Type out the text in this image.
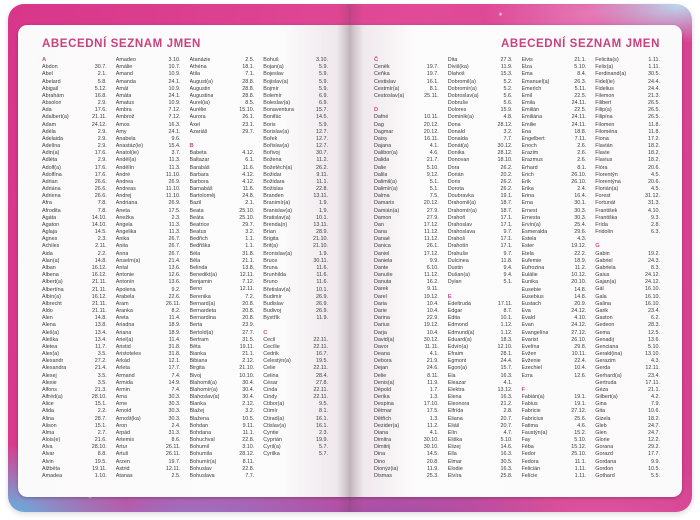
ABECEDNÍ SEZNAM JMEN
A
Abdon	30.7.
Ábel	2.1.
Abelard	5.8.
Abigail	5.12.
Abrahám	16.8.
Absolon	2.9.
Ada	17.6.
Adalbert(a)	21.11.
Adam	24.12.
Adéla	2.9.
Adelaida	2.9.
Adelína	2.9.
Adin(a)	17.6.
Adléta	2.9.
Adolf(a)	17.6.
Adolfína	17.6.
Adrian	26.6.
Adriána	26.6.
Adriena	26.6.
Afra	7.8.
Afrodita	7.8.
Agáta	14.10.
Agaton	14.10.
Aglaja	14.5.
Agnes	2.3.
Achiles	2.11.
Aida	2.2.
Alan(a)	14.8.
Alban	16.12.
Albena	16.12.
Albert(a)	21.11.
Albertína	21.11.
Albín(a)	16.12.
Albrecht	21.11.
Aldo	21.11.
Alen	14.8.
Alena	13.8.
Aleš(a)	13.4.
Aleška	13.4.
Aletea	11.7.
Alex(a)	3.5.
Alexandr	27.2.
Alexandra	21.4.
Alexej	3.5.
Alexie	3.5.
Alfons	21.3.
Alfréd(a)	28.10.
Alice	15.1.
Alida	2.2.
Alina	28.7.
Alison	15.1.
Alma	2.7.
Alois(e)	21.6.
Alva	28.10.
Alvar	8.8.
Alvin	19.5.
Alžběta	19.11.
Amadea	1.10.
Amadeo	3.10.
Amálie	10.7.
Amand	10.9.
Amanda	24.1.
Amát	10.9.
Amáta	24.1.
Amatus	10.9.
Ambra	7.12.
Ambrož	7.12.
Ámos	16.3.
Amy	24.1.
Anabela	9.6.
Anastáz(ie)	15.4.
Anatol(ie)	3.7.
Anděl(a)	11.3.
Andělín	11.3.
André	11.10.
Andrea	26.9.
Andreas	11.10.
Andrej	11.10.
Andriana	26.9.
Aneta	17.5.
Anežka	2.3.
Angela	11.3.
Angelika	11.3.
Anika	26.7.
Anita	26.7.
Anna	26.7.
Anselm(a)	21.4.
Antal	13.6.
Antonie	12.6.
Antonín	13.6.
Apolena	9.2.
Arabela	22.6.
Aram	26.11.
Aranka	8.2.
Areta	11.4.
Ariadna	18.9.
Ariana	18.9.
Ariel(a)	11.4.
Aristid	31.8.
Aristoteles	31.8.
Arkád	12.1.
Arleta	17.7.
Armand	7.4.
Armida	14.9.
Armin	7.4.
Arna	30.3.
Arne	30.3.
Arnold	30.3.
Arnošt(ka)	30.3.
Áron	2.4.
Árpád	31.3.
Artemis	8.6.
Artur	26.11.
Artuš	26.11.
Arzen	19.7.
Astrid	12.11.
Atanas	2.5.
Atanázie	2.5.
Athéna	18.1.
Atila	7.1.
August(a)	28.8.
Augustin	28.8.
Augustina	28.8.
Aurel(ia)	8.5.
Aurélie	15.10.
Aurora	26.1.
Axel	23.1.
Azariáš	29.7.
B
Babeta	4.12.
Baltazar	6.1.
Barabáš	11.6.
Barbara	4.12.
Barbora	4.12.
Barnabáš	11.6.
Bartoloměj	24.8.
Bazil	2.1.
Beata	25.10.
Beáta	25.10.
Beatrice	29.7.
Beatus	3.2.
Bedřich	1.1.
Bedřiška	1.1.
Béla	31.8.
Běla	21.1.
Belinda	13.8.
Benedikt(a)	12.11.
Benjamin	7.12.
Beno	12.11.
Berenika	7.2.
Bernard(a)	20.8.
Bernardeta	20.8.
Bernardina	20.8.
Berta	23.9.
Bertold(a)	27.7.
Bertram	31.5.
Běta	19.11.
Bianka	21.1.
Bibiana	2.12.
Birgita	21.10.
Bivoj	10.10.
Blahomil(a)	30.4.
Blahomír(a)	30.4.
Blahoslav(a)	30.4.
Blanka	2.12.
Blažej	3.2.
Blažena	10.5.
Bohdan	9.11.
Bohdana	11.1.
Bohuchval	22.8.
Bohumil	3.10.
Bohumila	28.12.
Bohumír(a)	8.11.
Bohuslav	22.8.
Bohuslava	7.7.
Bohuš	3.10.
Bojan(a)	5.9.
Bojeslav	5.9.
Bojislav(a)	5.9.
Bojmír	5.9.
Bolemír	6.9.
Boleslav(a)	6.9.
Bonaventura	15.7.
Bonifác	14.5.
Boris	5.9.
Borislav(a)	12.7.
Bořek	12.7.
Bořislav(a)	12.7.
Bořivoj	30.7.
Božena	11.2.
Božetěch(a)	26.2.
Božidar	9.11.
Božidara	11.1.
Božislav	22.8.
Branden	13.11.
Branimír(a)	1.9.
Branislav(a)	1.9.
Bratislav(a)	10.1.
Brenda(n)	13.11.
Brian	28.9.
Brigita	21.10.
Brit(a)	21.10.
Bronislav(a)	1.9.
Bruce	30.11.
Bruna	11.6.
Brunhilda	11.6.
Bruno	11.6.
Břetislav(a)	10.1.
Budimír	26.9.
Budislav	26.9.
Budivoj	26.9.
Bystřík	11.9.
C
Cecil	22.11.
Cecílie	22.11.
Cedrik	16.7.
Celestýn(a)	19.5.
Celie	22.11.
Celina	28.4.
César	27.8.
Cinda	22.11.
Cindy	22.11.
Ctibor(a)	9.5.
Ctimír	8.1.
Ctirad(a)	16.1.
Ctislav(a)	16.1.
Cyntie	2.3.
Cyprián	19.9.
Cyril(a)	5.7.
Cyrilka	5.7.
ABECEDNÍ SEZNAM JMEN
Č
Čeněk	19.7.
Čeňka	19.7.
Čestislav	16.1.
Čestmír(a)	8.1.
Čestoslav(a)	25.11.
D
Dafné	10.11.
Dag	20.12.
Dagmar	20.12.
Daisy	16.11.
Dajana	4.1.
Dalibor(a)	4.6.
Dalida	21.7.
Dalie	5.10.
Dalila	9.12.
Dalimil(a)	5.1.
Dalimír(a)	5.1.
Dalma	7.5.
Damaris	20.12.
Damián(a)	27.9.
Damon	27.9.
Dan	17.12.
Dana	11.12.
Danaé	11.12.
Danica	26.1.
Daniel	17.12.
Daniela	9.9.
Dante	6.10.
Danuše	11.12.
Danuta	16.2.
Darek	9.11.
Darel	19.12.
Daria	10.4.
Darie	10.4.
Darina	22.9.
Darius	19.12.
Darja	10.4.
David(a)	30.12.
Davor	11.11.
Deana	4.1.
Debora	21.9.
Dejan	24.6.
Delie	8.11.
Denis(a)	11.9.
Děpold	1.7.
Derika	1.3.
Despina	17.10.
Dětmar	17.5.
Dětřich	1.3.
Dezider(a)	11.2.
Diana	4.1.
Dimitra	30.10.
Dimitrij	30.10.
Dina	14.5.
Dino	20.8.
Dionýz(ia)	11.9.
Dismas	25.3.
Dita	27.3.
Diviš(ka)	11.9.
Dlahoš	15.3.
Dobromil(a)	5.2.
Dobromír(a)	5.2.
Dobroslav(a)	5.6.
Dobruše	5.6.
Dolores	15.9.
Dominik(a)	4.8.
Dona	28.12.
Donald	3.2.
Donalda	7.7.
Donát(a)	30.12.
Donika	28.12.
Donovan	18.10.
Dora	26.2.
Dorián	20.2.
Doris	26.2.
Dorota	26.2.
Doubravka	19.1.
Drahomil(a)	18.7.
Drahomír(a)	18.7.
Drahoň	17.1.
Drahoslav	17.1.
Drahoslava	9.7.
Drahoš	17.1.
Drahotín	17.1.
Drahuše	9.7.
Dulcinea	11.8.
Dustin	9.4.
Dušan(a)	9.4.
Dylan	5.1.
E
Edeltruda	17.11.
Edgar	8.7.
Edita	10.1.
Edmond	1.12.
Edmund(a)	1.12.
Eduard(a)	18.3.
Edvín(a)	12.10.
Efraim	28.1.
Egmont	24.4.
Egon(a)	15.7.
Ela	16.3.
Eleazar	4.1.
Elektra	13.12.
Elena	16.3.
Eleonora	21.2.
Elfrída	2.8.
Eliana	20.7.
Eliáš	20.7.
Elín	4.7.
Eliška	5.10.
Elizej	14.6.
Ella	16.3.
Elmar	30.5.
Elodie	16.3.
Elvíra	25.8.
Elvis	21.1.
Elza	5.10.
Ema	8.4.
Emanuel(a)	26.3.
Emerich	5.11.
Emil	22.5.
Emila	24.11.
Emilián	22.5.
Emiliána	24.11.
Emilie	24.11.
Ena	18.8.
Engelbert	7.11.
Enoch	2.6.
Erazim	2.6.
Erazmus	2.6.
Erhard	8.1.
Erich	26.10.
Erik	26.10.
Erika	2.4.
Erina	16.4.
Erna	30.1.
Ernest	30.3.
Ernesta	30.3.
Ervín(a)	25.4.
Esmeralda	29.6.
Estela	4.3.
Ester	19.12.
Etela	22.2.
Eufemie	18.9.
Eufrozina	11.2.
Eulálie	10.12.
Eunika	20.10.
Eusebie	14.8.
Eusebius	14.8.
Eustach	20.9.
Eva	24.12.
Evald	4.10.
Evan	24.12.
Evangelína	27.12.
Evarist	26.10.
Evelína	29.8.
Evžen	10.11.
Evženie	22.4.
Ezechiel	10.4.
Ezra	12.6.
F
Fabián(a)	19.1.
Fabius	19.1.
Fabricie	27.12.
Fabricius	25.6.
Fatima	4.6.
Faustýn(a)	15.2.
Fay	5.10.
Féba	15.12.
Fedor	25.10.
Fedora	11.1.
Felicián	1.11.
Felície	1.11.
Felicita(s)	1.11.
Felix(a)	1.11.
Ferdinand(a)	30.5.
Fidel(ie)	24.4.
Fidelius	24.4.
Filemon	21.3.
Filibert	26.5.
Filip(a)	26.5.
Filipína	26.5.
Filomen	11.8.
Filoména	11.8.
Fiona	17.2.
Flavián	18.2.
Flavie	18.2.
Flavius	18.2.
Flóra	20.6.
Florentýn	4.5.
Florentýna	20.6.
Florián(a)	4.5.
Forest	31.12.
Fortunát	31.3.
František	4.10.
Františka	9.3.
Frída	2.8.
Fridolín	6.3.
G
Gabin	19.2.
Gabriel	24.3.
Gabriela	8.3.
Gaius	24.12.
Gajan(a)	24.12.
Gál	16.10.
Gala	16.10.
Galina	16.10.
Garik	23.4.
Gaston	6.2.
Gedeon	28.3.
Gema	12.5.
Genadij	13.6.
Genciana	5.10.
Gerald(ina)	13.10.
Gerazim	4.3.
Gerda	12.11.
Gerhard(a)	23.4.
Gertruda	17.11.
Géza	21.1.
Gilbert(a)	4.2.
Gina	7.9.
Gita	10.6.
Gizela	18.2.
Gleb	24.7.
Glen	24.7.
Glorie	12.2.
Gorana	29.2.
Gorazd	17.7.
Gordana	9.9.
Gordon	10.5.
Gothard	5.5.
